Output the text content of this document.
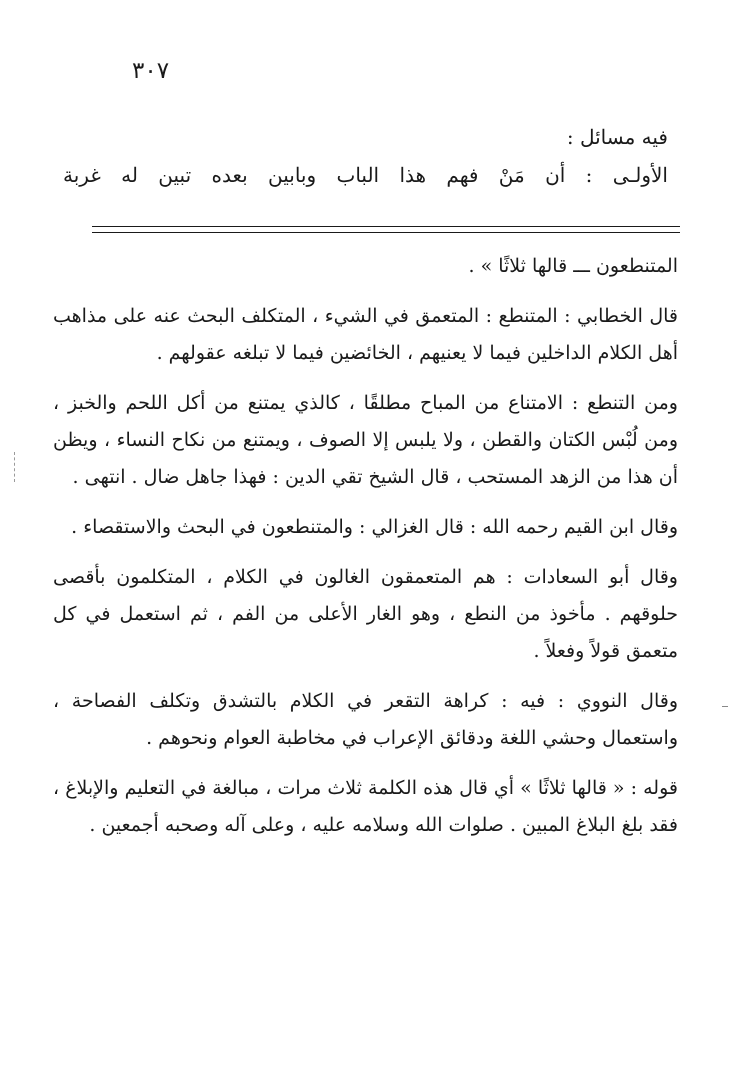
٣٠٧

فيه مسائل :

الأولـى : أن مَنْ فهم هذا الباب وبابين بعده تبين له غربة

المتنطعون ـــ قالها ثلاثًا » .

قال الخطابي : المتنطع : المتعمق في الشيء ، المتكلف البحث عنه على مذاهب أهل الكلام الداخلين فيما لا يعنيهم ، الخائضين فيما لا تبلغه عقولهم .

ومن التنطع : الامتناع من المباح مطلقًا ، كالذي يمتنع من أكل اللحم والخبز ، ومن لُبْس الكتان والقطن ، ولا يلبس إلا الصوف ، ويمتنع من نكاح النساء ، ويظن أن هذا من الزهد المستحب ، قال الشيخ تقي الدين : فهذا جاهل ضال . انتهى .

وقال ابن القيم رحمه الله : قال الغزالي : والمتنطعون في البحث والاستقصاء .

وقال أبو السعادات : هم المتعمقون الغالون في الكلام ، المتكلمون بأقصى حلوقهم . مأخوذ من النطع ، وهو الغار الأعلى من الفم ، ثم استعمل في كل متعمق قولاً وفعلاً .

وقال النووي : فيه : كراهة التقعر في الكلام بالتشدق وتكلف الفصاحة ، واستعمال وحشي اللغة ودقائق الإعراب في مخاطبة العوام ونحوهم .

قوله : « قالها ثلاثًا » أي قال هذه الكلمة ثلاث مرات ، مبالغة في التعليم والإبلاغ ، فقد بلغ البلاغ المبين . صلوات الله وسلامه عليه ، وعلى آله وصحبه أجمعين .
